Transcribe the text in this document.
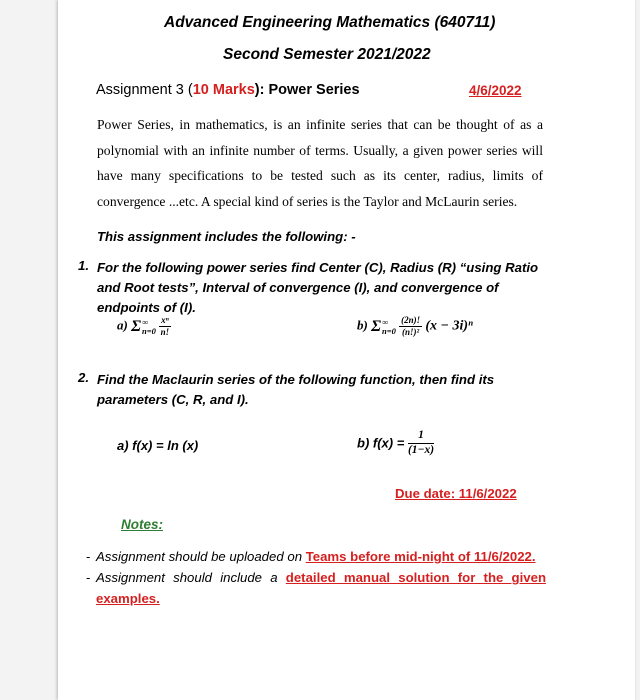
Advanced Engineering Mathematics (640711)
Second Semester 2021/2022
Assignment 3 (10 Marks): Power Series	4/6/2022
Power Series, in mathematics, is an infinite series that can be thought of as a polynomial with an infinite number of terms. Usually, a given power series will have many specifications to be tested such as its center, radius, limits of convergence ...etc. A special kind of series is the Taylor and McLaurin series.
This assignment includes the following: -
1. For the following power series find Center (C), Radius (R) “using Ratio and Root tests”, Interval of convergence (I), and convergence of endpoints of (I).
a) Σ ∞
n=0
$\frac{\text{xⁿ}}{n!}$	b) Σ ∞
n=0
$\frac{(2n)!}{\text{(n!)²}} (x - 3i)^n$
2. Find the Maclaurin series of the following function, then find its parameters (C, R, and I).
a) f(x) = ln (x)	b) $f(x) = \frac{1}{(1-x)}$
Due date: 11/6/2022
Notes:
- Assignment should be uploaded on Teams before mid-night of 11/6/2022.
- Assignment should include a detailed manual solution for the given examples.
